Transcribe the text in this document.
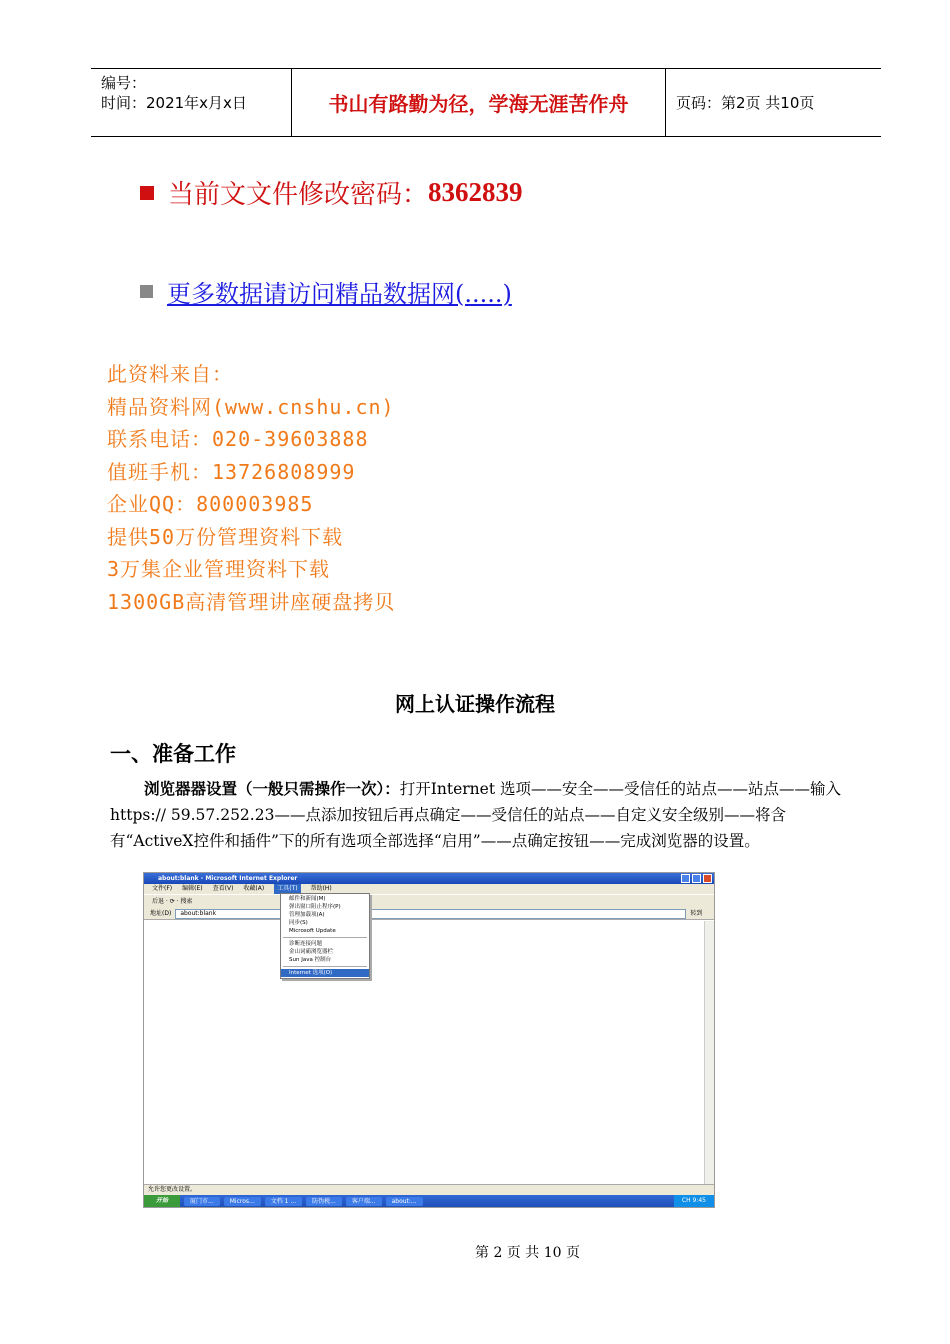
编号：
时间：2021年x月x日	书山有路勤为径，学海无涯苦作舟	页码：第2页 共10页
当前文文件修改密码： 8362839
更多数据请访问精品数据网(.....)
此资料来自：
精品资料网(www.cnshu.cn)
联系电话：020-39603888
值班手机：13726808999
企业QQ：800003985
提供50万份管理资料下载
3万集企业管理资料下载
1300GB高清管理讲座硬盘拷贝
网上认证操作流程
一、准备工作
浏览器器设置（一般只需操作一次）：打开Internet 选项——安全——受信任的站点——站点——输入https:// 59.57.252.23——点添加按钮后再点确定——受信任的站点——自定义安全级别——将含有“ActiveX控件和插件”下的所有选项全部选择“启用”——点确定按钮——完成浏览器的设置。
about:blank - Microsoft Internet Explorer
文件(F) 编辑(E) 查看(V) 收藏(A)	工具(T)	帮助(H)
后退 · ⟳ · 搜索
地址(D)	about:blank	转到
邮件和新闻(M)
弹出窗口阻止程序(P)
管理加载项(A)
同步(S)
Microsoft Update
诊断连接问题
金山词霸浏览器栏
Sun Java 控制台
Internet 选项(O)
允许您更改设置。
开始	厦门市...	Micros...	文档 1 ...	防伪税...	客户端...	about:...	CH 9:45
第 2 页 共 10 页
